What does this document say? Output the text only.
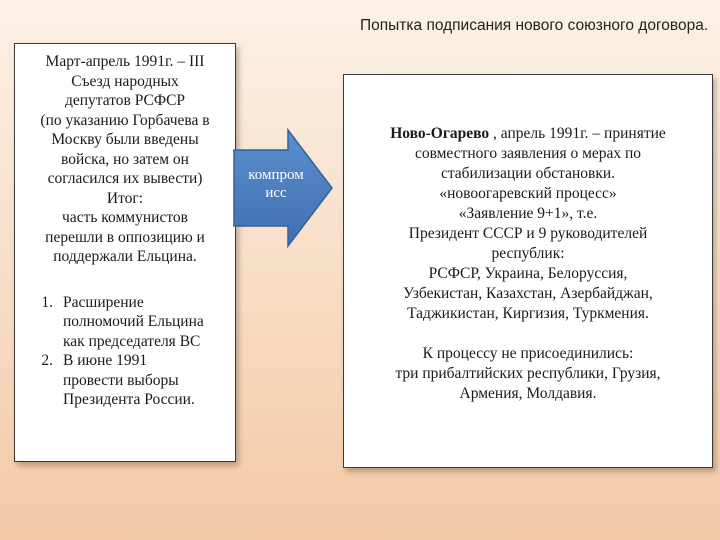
Попытка подписания нового союзного договора.

Март-апрель 1991г. – III

Съезд народных

депутатов РСФСР

(по указанию Горбачева в

Москву были введены

войска, но затем он

согласился их вывести)

Итог:

часть коммунистов

перешли в оппозицию и

поддержали Ельцина.

1. Расширение
полномочий Ельцина
как председателя ВС
2. В июне 1991
провести выборы
Президента России.
компром
исс

Ново-Огарево , апрель 1991г. – принятие

совместного заявления о мерах по

стабилизации обстановки.

«новоогаревский процесс»

«Заявление 9+1», т.е.

Президент СССР и 9 руководителей

республик:

РСФСР, Украина, Белоруссия,

Узбекистан, Казахстан, Азербайджан,

Таджикистан, Киргизия, Туркмения.

К процессу не присоединились:

три прибалтийских республики, Грузия,

Армения, Молдавия.
